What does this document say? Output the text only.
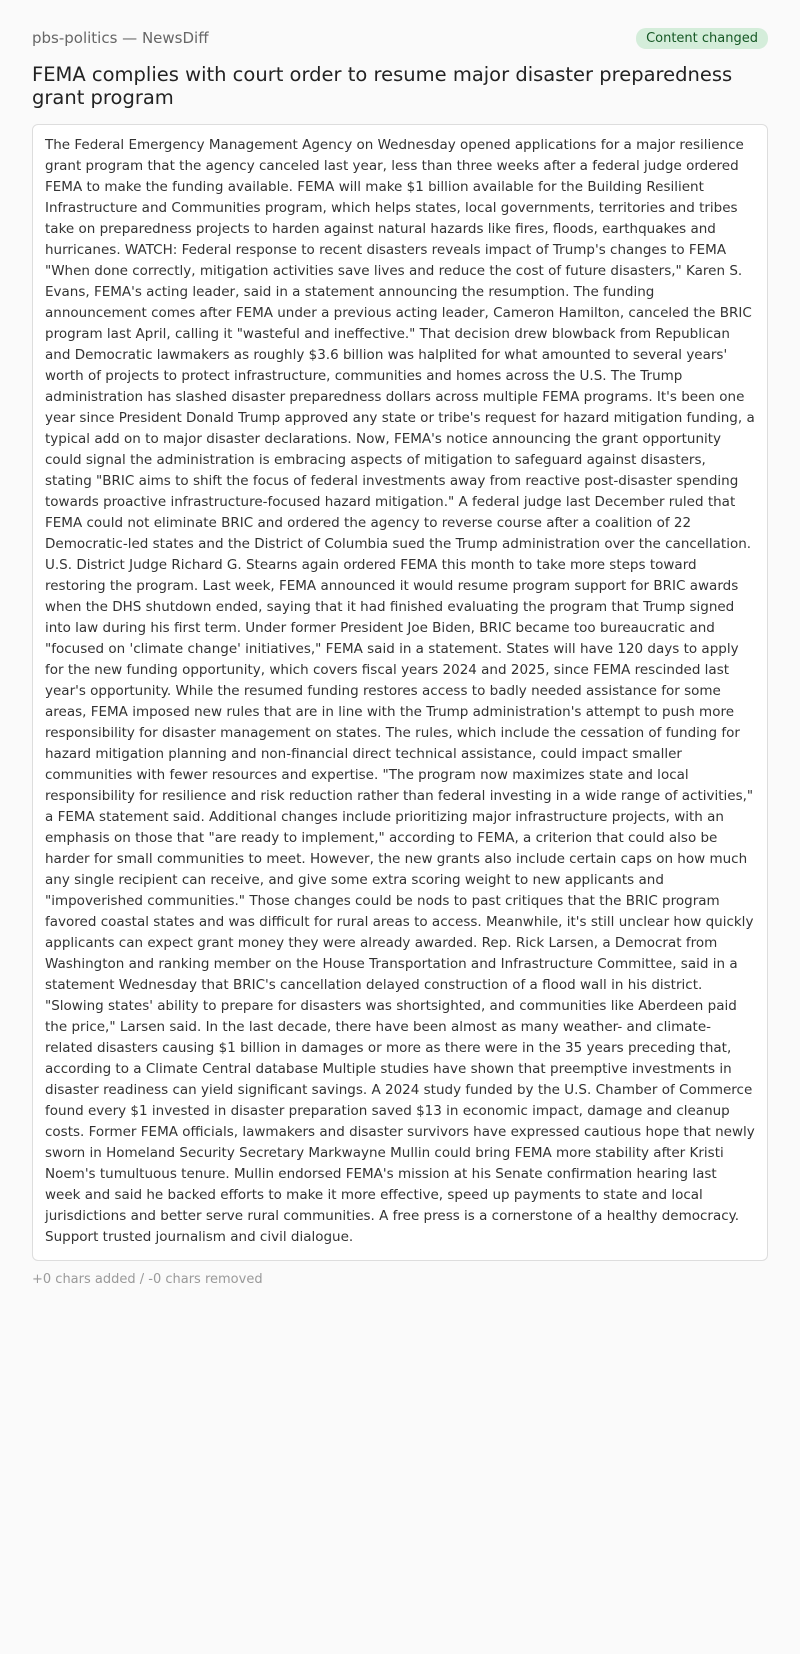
pbs-politics — NewsDiff	Content changed
FEMA complies with court order to resume major disaster preparedness grant program

The Federal Emergency Management Agency on Wednesday opened applications for a major resilience grant program that the agency canceled last year, less than three weeks after a federal judge ordered FEMA to make the funding available. FEMA will make $1 billion available for the Building Resilient Infrastructure and Communities program, which helps states, local governments, territories and tribes take on preparedness projects to harden against natural hazards like fires, floods, earthquakes and hurricanes. WATCH: Federal response to recent disasters reveals impact of Trump's changes to FEMA "When done correctly, mitigation activities save lives and reduce the cost of future disasters," Karen S. Evans, FEMA's acting leader, said in a statement announcing the resumption. The funding announcement comes after FEMA under a previous acting leader, Cameron Hamilton, canceled the BRIC program last April, calling it "wasteful and ineffective." That decision drew blowback from Republican and Democratic lawmakers as roughly $3.6 billion was halplited for what amounted to several years' worth of projects to protect infrastructure, communities and homes across the U.S. The Trump administration has slashed disaster preparedness dollars across multiple FEMA programs. It's been one year since President Donald Trump approved any state or tribe's request for hazard mitigation funding, a typical add on to major disaster declarations. Now, FEMA's notice announcing the grant opportunity could signal the administration is embracing aspects of mitigation to safeguard against disasters, stating "BRIC aims to shift the focus of federal investments away from reactive post-disaster spending towards proactive infrastructure-focused hazard mitigation." A federal judge last December ruled that FEMA could not eliminate BRIC and ordered the agency to reverse course after a coalition of 22 Democratic-led states and the District of Columbia sued the Trump administration over the cancellation. U.S. District Judge Richard G. Stearns again ordered FEMA this month to take more steps toward restoring the program. Last week, FEMA announced it would resume program support for BRIC awards when the DHS shutdown ended, saying that it had finished evaluating the program that Trump signed into law during his first term. Under former President Joe Biden, BRIC became too bureaucratic and "focused on 'climate change' initiatives," FEMA said in a statement. States will have 120 days to apply for the new funding opportunity, which covers fiscal years 2024 and 2025, since FEMA rescinded last year's opportunity. While the resumed funding restores access to badly needed assistance for some areas, FEMA imposed new rules that are in line with the Trump administration's attempt to push more responsibility for disaster management on states. The rules, which include the cessation of funding for hazard mitigation planning and non-financial direct technical assistance, could impact smaller communities with fewer resources and expertise. "The program now maximizes state and local responsibility for resilience and risk reduction rather than federal investing in a wide range of activities," a FEMA statement said. Additional changes include prioritizing major infrastructure projects, with an emphasis on those that "are ready to implement," according to FEMA, a criterion that could also be harder for small communities to meet. However, the new grants also include certain caps on how much any single recipient can receive, and give some extra scoring weight to new applicants and "impoverished communities." Those changes could be nods to past critiques that the BRIC program favored coastal states and was difficult for rural areas to access. Meanwhile, it's still unclear how quickly applicants can expect grant money they were already awarded. Rep. Rick Larsen, a Democrat from Washington and ranking member on the House Transportation and Infrastructure Committee, said in a statement Wednesday that BRIC's cancellation delayed construction of a flood wall in his district. "Slowing states' ability to prepare for disasters was shortsighted, and communities like Aberdeen paid the price," Larsen said. In the last decade, there have been almost as many weather- and climate-related disasters causing $1 billion in damages or more as there were in the 35 years preceding that, according to a Climate Central database Multiple studies have shown that preemptive investments in disaster readiness can yield significant savings. A 2024 study funded by the U.S. Chamber of Commerce found every $1 invested in disaster preparation saved $13 in economic impact, damage and cleanup costs. Former FEMA officials, lawmakers and disaster survivors have expressed cautious hope that newly sworn in Homeland Security Secretary Markwayne Mullin could bring FEMA more stability after Kristi Noem's tumultuous tenure. Mullin endorsed FEMA's mission at his Senate confirmation hearing last week and said he backed efforts to make it more effective, speed up payments to state and local jurisdictions and better serve rural communities. A free press is a cornerstone of a healthy democracy. Support trusted journalism and civil dialogue.

+0 chars added / -0 chars removed
